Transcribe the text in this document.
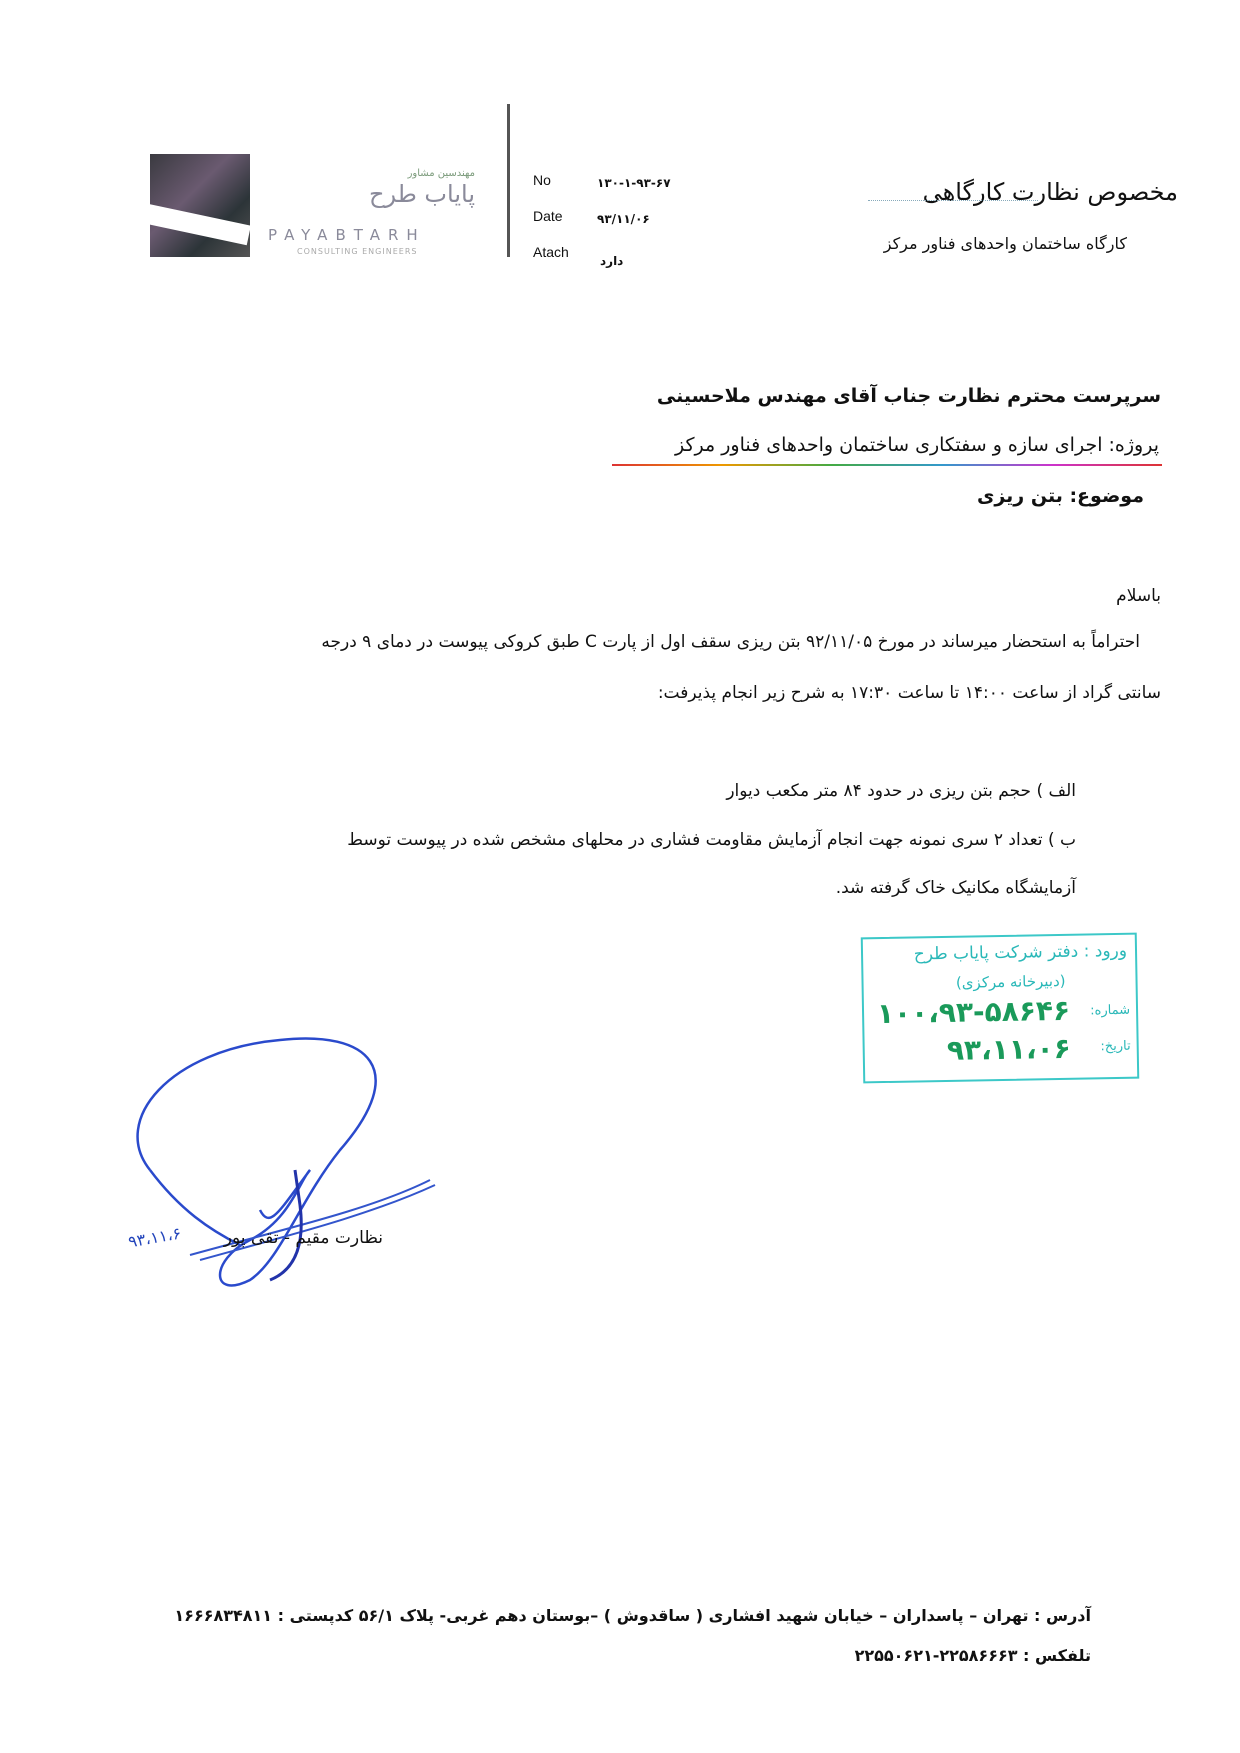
مهندسین مشاور
پایاب طرح
PAYABTARH
CONSULTING ENGINEERS
No	۱۳۰-۱-۹۳-۶۷
Date	۹۳/۱۱/۰۶
Atach
دارد
مخصوص نظارت کارگاهی
کارگاه ساختمان واحدهای فناور مرکز
سرپرست محترم نظارت جناب آقای مهندس ملاحسینی
پروژه: اجرای سازه و سفتکاری ساختمان واحدهای فناور مرکز
موضوع: بتن ریزی
باسلام
احتراماً به استحضار میرساند در مورخ ۹۲/۱۱/۰۵ بتن ریزی سقف اول از پارت C طبق کروکی پیوست در دمای ۹ درجه
سانتی گراد از ساعت ۱۴:۰۰ تا ساعت ۱۷:۳۰ به شرح زیر انجام پذیرفت:
الف ) حجم بتن ریزی در حدود ۸۴ متر مکعب دیوار
ب ) تعداد ۲ سری نمونه جهت انجام آزمایش مقاومت فشاری در محلهای مشخص شده در پیوست توسط
آزمایشگاه مکانیک خاک گرفته شد.
ورود : دفتر شرکت پایاب طرح
(دبیرخانه مرکزی)
شماره:
۱۰۰،۹۳-۵۸۶۴۶
تاریخ:
۹۳،۱۱،۰۶
نظارت مقیم - تقی پور
۹۳،۱۱،۶
آدرس : تهران – پاسداران – خیابان شهید افشاری ( ساقدوش ) –بوستان دهم غربی- پلاک ۵۶/۱ کدپستی : ۱۶۶۶۸۳۴۸۱۱
تلفکس : ۲۲۵۸۶۶۶۳-۲۲۵۵۰۶۲۱
